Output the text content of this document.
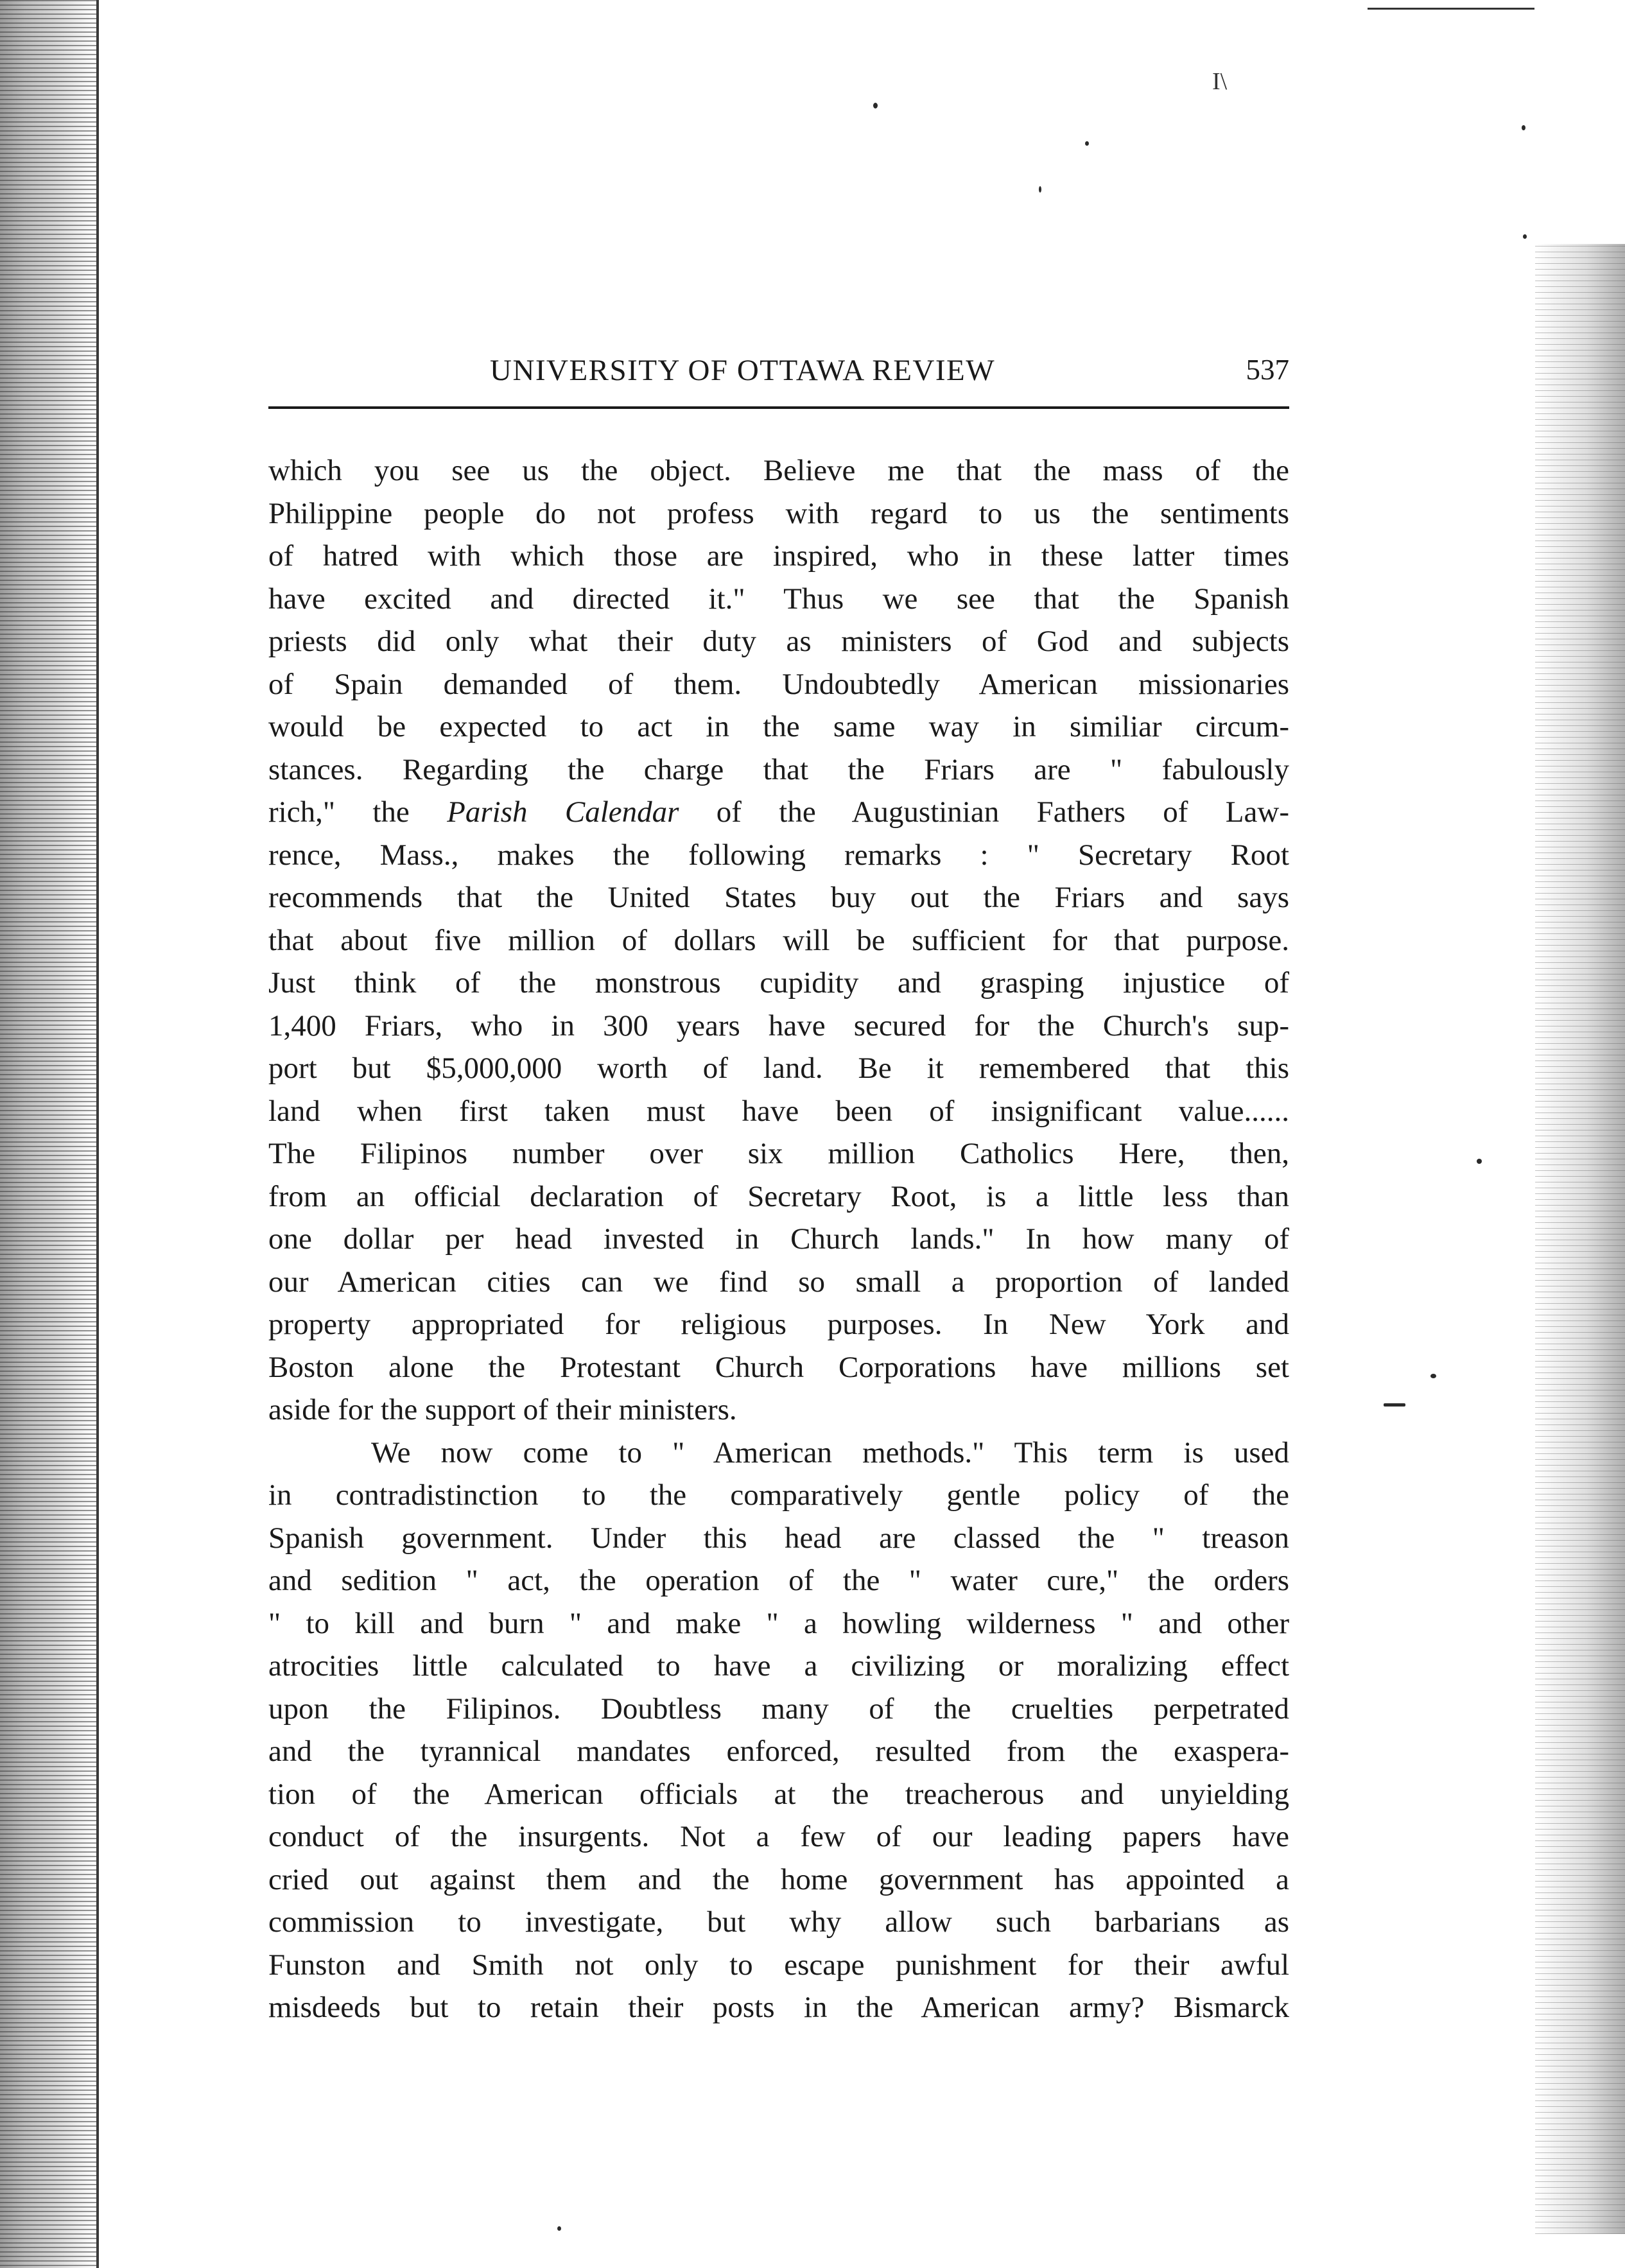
I\
UNIVERSITY OF OTTAWA REVIEW	537
which you see us the object. Believe me that the mass of the
Philippine people do not profess with regard to us the sentiments
of hatred with which those are inspired, who in these latter times
have excited and directed it." Thus we see that the Spanish
priests did only what their duty as ministers of God and subjects
of Spain demanded of them. Undoubtedly American missionaries
would be expected to act in the same way in similiar circum-
stances. Regarding the charge that the Friars are " fabulously
rich," the Parish Calendar of the Augustinian Fathers of Law-
rence, Mass., makes the following remarks : " Secretary Root
recommends that the United States buy out the Friars and says
that about five million of dollars will be sufficient for that purpose.
Just think of the monstrous cupidity and grasping injustice of
1,400 Friars, who in 300 years have secured for the Church's sup-
port but $5,000,000 worth of land. Be it remembered that this
land when first taken must have been of insignificant value......
The Filipinos number over six million Catholics Here, then,
from an official declaration of Secretary Root, is a little less than
one dollar per head invested in Church lands." In how many of
our American cities can we find so small a proportion of landed
property appropriated for religious purposes. In New York and
Boston alone the Protestant Church Corporations have millions set
aside for the support of their ministers.
We now come to " American methods." This term is used
in contradistinction to the comparatively gentle policy of the
Spanish government. Under this head are classed the " treason
and sedition " act, the operation of the " water cure," the orders
" to kill and burn " and make " a howling wilderness " and other
atrocities little calculated to have a civilizing or moralizing effect
upon the Filipinos. Doubtless many of the cruelties perpetrated
and the tyrannical mandates enforced, resulted from the exaspera-
tion of the American officials at the treacherous and unyielding
conduct of the insurgents. Not a few of our leading papers have
cried out against them and the home government has appointed a
commission to investigate, but why allow such barbarians as
Funston and Smith not only to escape punishment for their awful
misdeeds but to retain their posts in the American army? Bismarck
